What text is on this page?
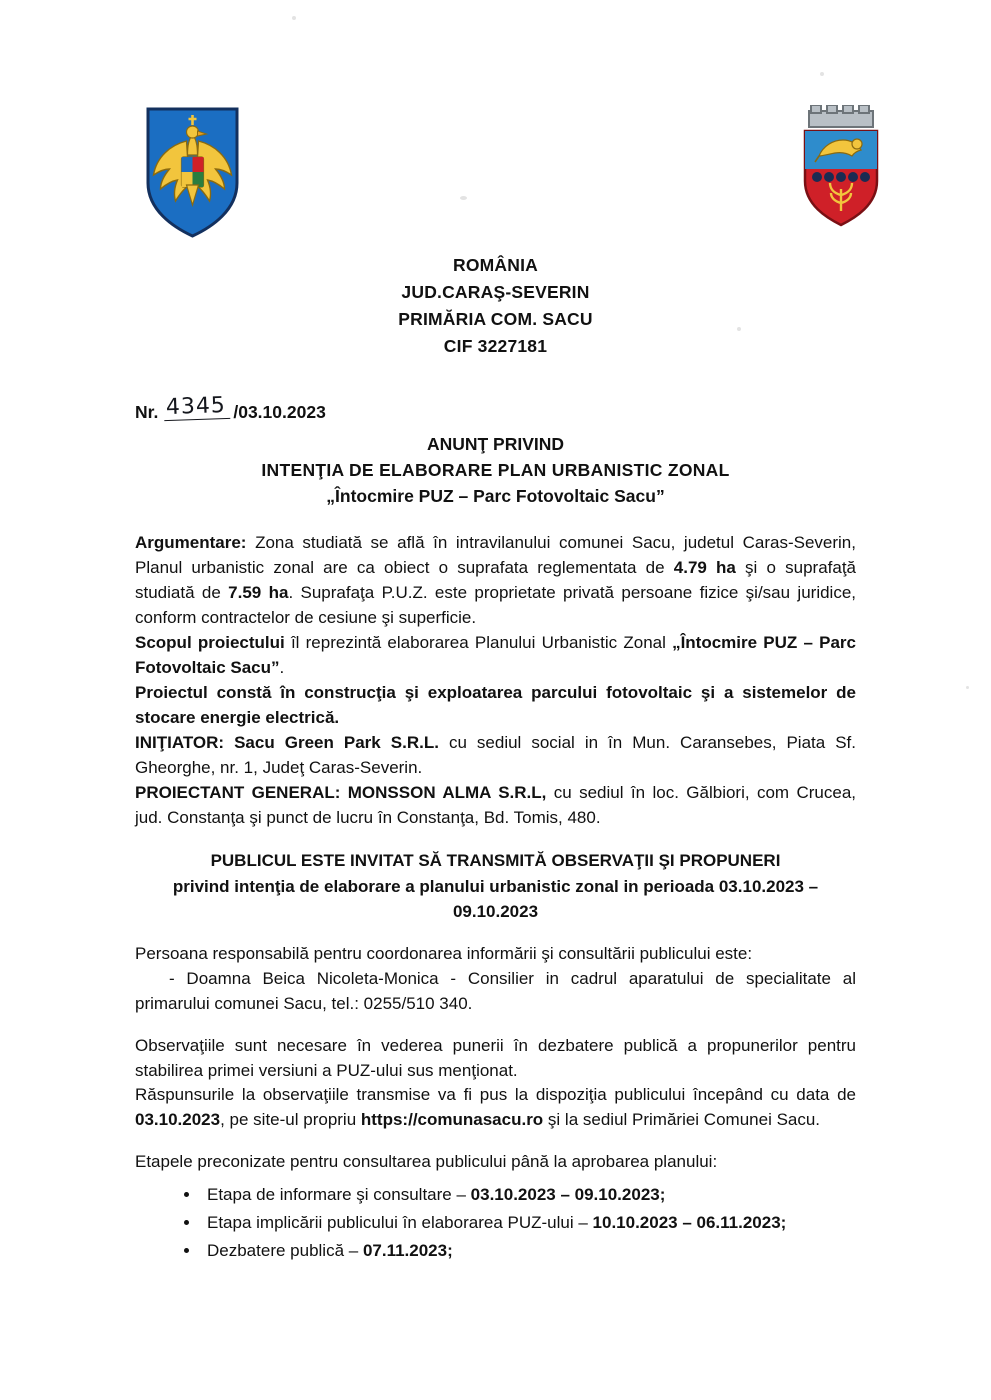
ROMÂNIA
JUD.CARAŞ-SEVERIN
PRIMĂRIA COM. SACU
CIF 3227181
Nr. 4345 /03.10.2023
ANUNŢ PRIVIND
INTENŢIA DE ELABORARE PLAN URBANISTIC ZONAL
„Întocmire PUZ – Parc Fotovoltaic Sacu”

Argumentare: Zona studiată se află în intravilanului comunei Sacu, judetul Caras-Severin, Planul urbanistic zonal are ca obiect o suprafata reglementata de 4.79 ha şi o suprafaţă studiată de 7.59 ha. Suprafaţa P.U.Z. este proprietate privată persoane fizice şi/sau juridice, conform contractelor de cesiune şi superficie.

Scopul proiectului îl reprezintă elaborarea Planului Urbanistic Zonal „Întocmire PUZ – Parc Fotovoltaic Sacu”.

Proiectul constă în construcţia şi exploatarea parcului fotovoltaic şi a sistemelor de stocare energie electrică.

INIŢIATOR: Sacu Green Park S.R.L. cu sediul social in în Mun. Caransebes, Piata Sf. Gheorghe, nr. 1, Judeţ Caras-Severin.

PROIECTANT GENERAL: MONSSON ALMA S.R.L, cu sediul în loc. Gălbiori, com Crucea, jud. Constanţa şi punct de lucru în Constanţa, Bd. Tomis, 480.

PUBLICUL ESTE INVITAT SĂ TRANSMITĂ OBSERVAŢII ŞI PROPUNERI
privind intenţia de elaborare a planului urbanistic zonal in perioada 03.10.2023 – 09.10.2023

Persoana responsabilă pentru coordonarea informării şi consultării publicului este:

- Doamna Beica Nicoleta-Monica - Consilier in cadrul aparatului de specialitate al primarului comunei Sacu, tel.: 0255/510 340.

Observaţiile sunt necesare în vederea punerii în dezbatere publică a propunerilor pentru stabilirea primei versiuni a PUZ-ului sus menţionat.

Răspunsurile la observaţiile transmise va fi pus la dispoziţia publicului începând cu data de 03.10.2023, pe site-ul propriu https://comunasacu.ro şi la sediul Primăriei Comunei Sacu.

Etapele preconizate pentru consultarea publicului până la aprobarea planului:

• Etapa de informare şi consultare – 03.10.2023 – 09.10.2023;
• Etapa implicării publicului în elaborarea PUZ-ului – 10.10.2023 – 06.11.2023;
• Dezbatere publică – 07.11.2023;
